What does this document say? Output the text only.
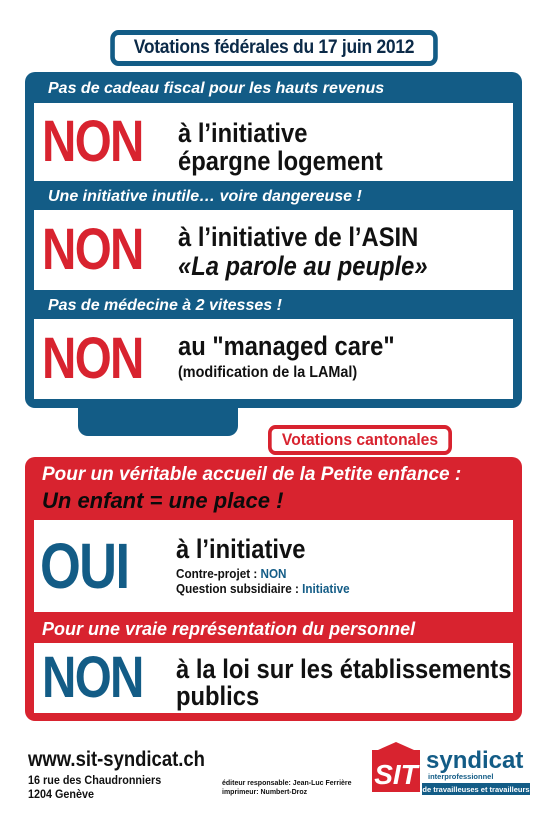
Votations fédérales du 17 juin 2012
Pas de cadeau fiscal pour les hauts revenus
NON à l’initiative
épargne logement
Une initiative inutile… voire dangereuse !
NON à l’initiative de l’ASIN
«La parole au peuple»
Pas de médecine à 2 vitesses !
NON au "managed care"
(modification de la LAMal)
Votations cantonales
Pour un véritable accueil de la Petite enfance :
Un enfant = une place !
OUI à l’initiative
Contre-projet : NON
Question subsidiaire : Initiative
Pour une vraie représentation du personnel
NON à la loi sur les établissements
publics
www.sit-syndicat.ch
16 rue des Chaudronniers
1204 Genève
éditeur responsable: Jean-Luc Ferrière
imprimeur: Numbert-Droz
SIT syndicat
interprofessionnel
de travailleuses et travailleurs
